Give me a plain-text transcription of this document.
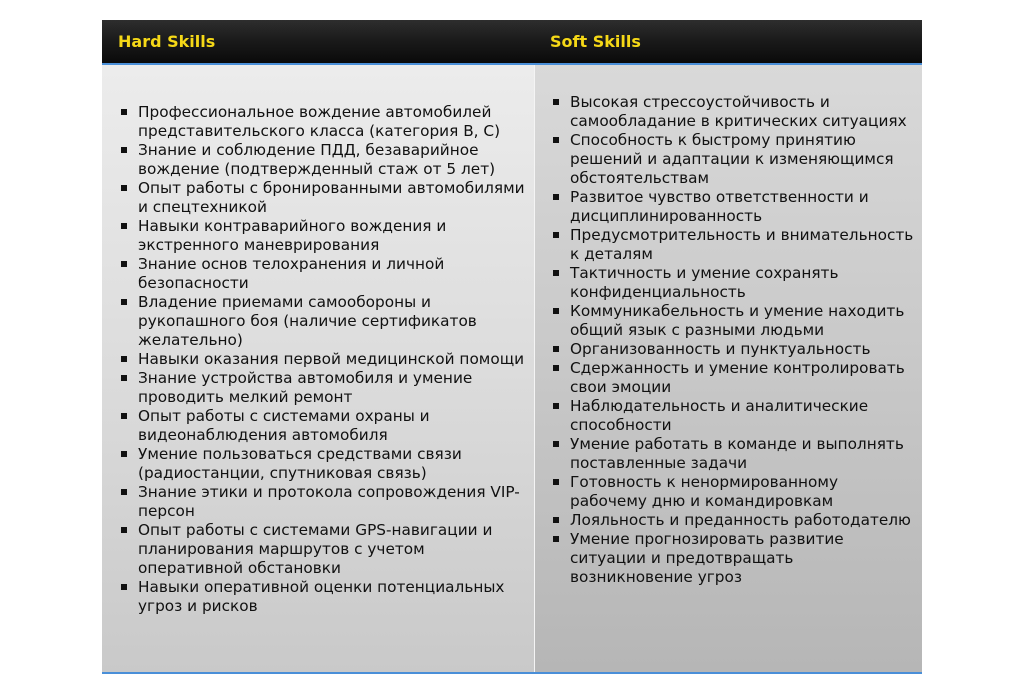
Hard Skills	Soft Skills
Профессиональное вождение автомобилей представительского класса (категория B, C)
Знание и соблюдение ПДД, безаварийное вождение (подтвержденный стаж от 5 лет)
Опыт работы с бронированными автомобилями и спецтехникой
Навыки контраварийного вождения и экстренного маневрирования
Знание основ телохранения и личной безопасности
Владение приемами самообороны и рукопашного боя (наличие сертификатов желательно)
Навыки оказания первой медицинской помощи
Знание устройства автомобиля и умение проводить мелкий ремонт
Опыт работы с системами охраны и видеонаблюдения автомобиля
Умение пользоваться средствами связи (радиостанции, спутниковая связь)
Знание этики и протокола сопровождения VIP-персон
Опыт работы с системами GPS-навигации и планирования маршрутов с учетом оперативной обстановки
Навыки оперативной оценки потенциальных угроз и рисков
Высокая стрессоустойчивость и самообладание в критических ситуациях
Способность к быстрому принятию решений и адаптации к изменяющимся обстоятельствам
Развитое чувство ответственности и дисциплинированность
Предусмотрительность и внимательность к деталям
Тактичность и умение сохранять конфиденциальность
Коммуникабельность и умение находить общий язык с разными людьми
Организованность и пунктуальность
Сдержанность и умение контролировать свои эмоции
Наблюдательность и аналитические способности
Умение работать в команде и выполнять поставленные задачи
Готовность к ненормированному рабочему дню и командировкам
Лояльность и преданность работодателю
Умение прогнозировать развитие ситуации и предотвращать возникновение угроз
